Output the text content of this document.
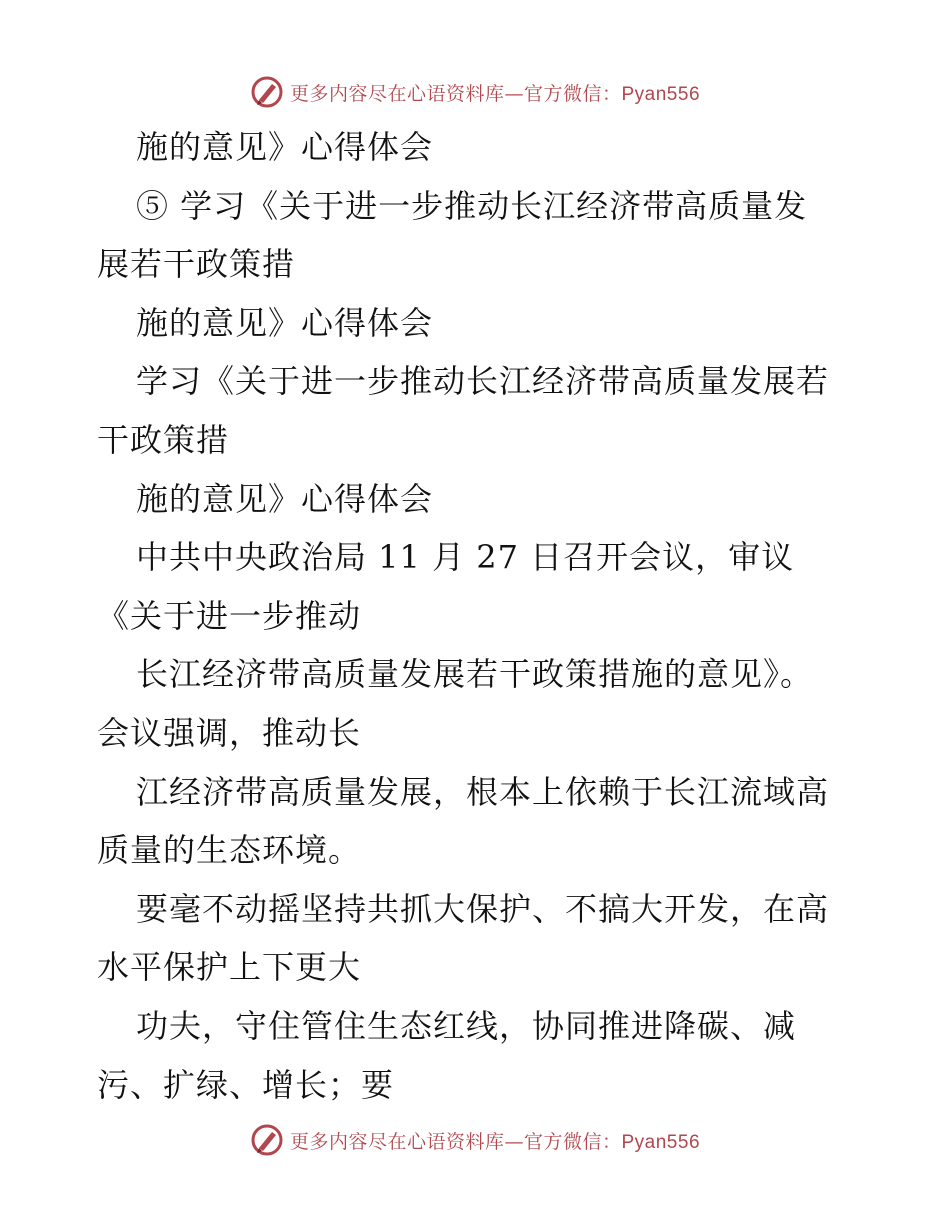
更多内容尽在心语资料库—官方微信：Pyan556
施的意见》心得体会
⑤ 学习《关于进一步推动长江经济带高质量发
展若干政策措
施的意见》心得体会
学习《关于进一步推动长江经济带高质量发展若
干政策措
施的意见》心得体会
中共中央政治局 11 月 27 日召开会议，审议
《关于进一步推动
长江经济带高质量发展若干政策措施的意见》。
会议强调，推动长
江经济带高质量发展，根本上依赖于长江流域高
质量的生态环境。
要毫不动摇坚持共抓大保护、不搞大开发，在高
水平保护上下更大
功夫，守住管住生态红线，协同推进降碳、减
污、扩绿、增长；要
更多内容尽在心语资料库—官方微信：Pyan556
